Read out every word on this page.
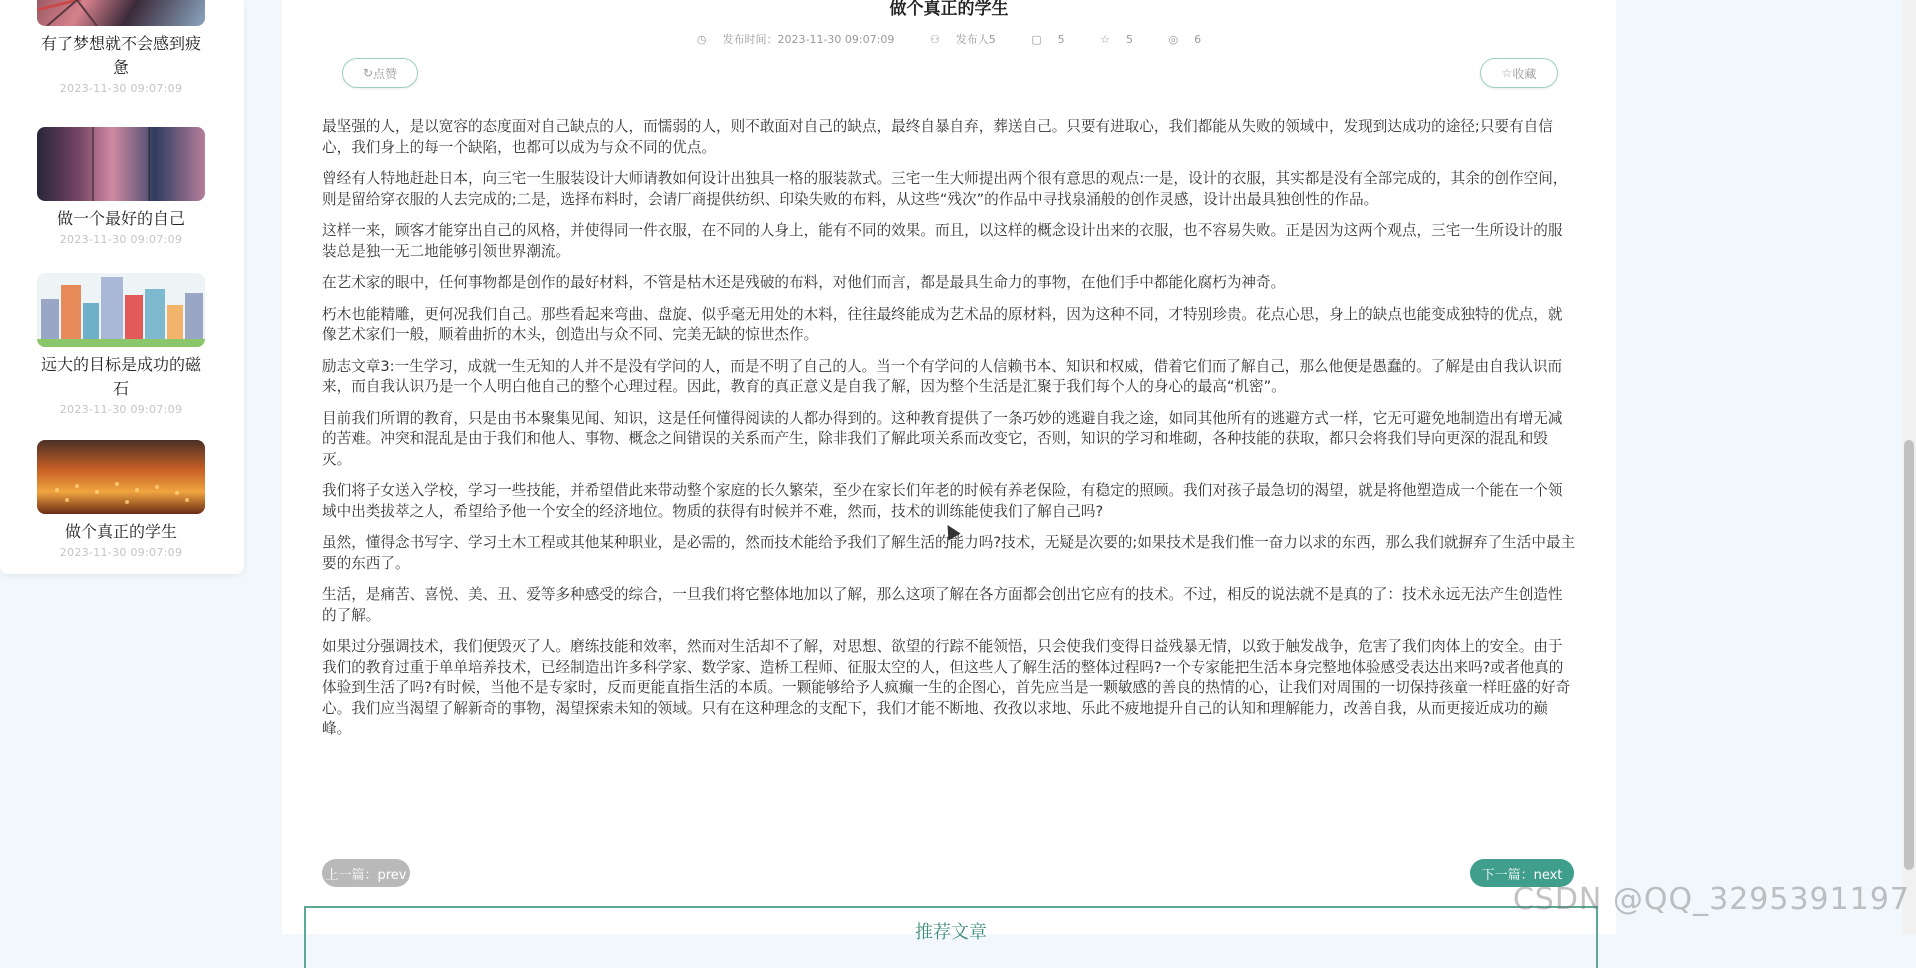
有了梦想就不会感到疲惫
2023-11-30 09:07:09
做一个最好的自己
2023-11-30 09:07:09
远大的目标是成功的磁石
2023-11-30 09:07:09
做个真正的学生
2023-11-30 09:07:09
做个真正的学生
◷ 发布时间：2023-11-30 09:07:09	⚇ 发布人5	▢ 5	☆ 5	◎ 6
↻ 点赞	☆ 收藏

最坚强的人，是以宽容的态度面对自己缺点的人，而懦弱的人，则不敢面对自己的缺点，最终自暴自弃，葬送自己。只要有进取心，我们都能从失败的领域中，发现到达成功的途径;只要有自信心，我们身上的每一个缺陷，也都可以成为与众不同的优点。

曾经有人特地赶赴日本，向三宅一生服装设计大师请教如何设计出独具一格的服装款式。三宅一生大师提出两个很有意思的观点:一是，设计的衣服，其实都是没有全部完成的，其余的创作空间，则是留给穿衣服的人去完成的;二是，选择布料时，会请厂商提供纺织、印染失败的布料，从这些“残次”的作品中寻找泉涌般的创作灵感，设计出最具独创性的作品。

这样一来，顾客才能穿出自己的风格，并使得同一件衣服，在不同的人身上，能有不同的效果。而且，以这样的概念设计出来的衣服，也不容易失败。正是因为这两个观点，三宅一生所设计的服装总是独一无二地能够引领世界潮流。

在艺术家的眼中，任何事物都是创作的最好材料，不管是枯木还是残破的布料，对他们而言，都是最具生命力的事物，在他们手中都能化腐朽为神奇。

朽木也能精雕，更何况我们自己。那些看起来弯曲、盘旋、似乎毫无用处的木料，往往最终能成为艺术品的原材料，因为这种不同，才特别珍贵。花点心思，身上的缺点也能变成独特的优点，就像艺术家们一般，顺着曲折的木头，创造出与众不同、完美无缺的惊世杰作。

励志文章3:一生学习，成就一生无知的人并不是没有学问的人，而是不明了自己的人。当一个有学问的人信赖书本、知识和权威，借着它们而了解自己，那么他便是愚蠢的。了解是由自我认识而来，而自我认识乃是一个人明白他自己的整个心理过程。因此，教育的真正意义是自我了解，因为整个生活是汇聚于我们每个人的身心的最高“机密”。

目前我们所谓的教育，只是由书本聚集见闻、知识，这是任何懂得阅读的人都办得到的。这种教育提供了一条巧妙的逃避自我之途，如同其他所有的逃避方式一样，它无可避免地制造出有增无减的苦难。冲突和混乱是由于我们和他人、事物、概念之间错误的关系而产生，除非我们了解此项关系而改变它，否则，知识的学习和堆砌，各种技能的获取，都只会将我们导向更深的混乱和毁灭。

我们将子女送入学校，学习一些技能，并希望借此来带动整个家庭的长久繁荣，至少在家长们年老的时候有养老保险，有稳定的照顾。我们对孩子最急切的渴望，就是将他塑造成一个能在一个领域中出类拔萃之人，希望给予他一个安全的经济地位。物质的获得有时候并不难，然而，技术的训练能使我们了解自己吗?

虽然，懂得念书写字、学习土木工程或其他某种职业，是必需的，然而技术能给予我们了解生活的能力吗?技术，无疑是次要的;如果技术是我们惟一奋力以求的东西，那么我们就摒弃了生活中最主要的东西了。

生活，是痛苦、喜悦、美、丑、爱等多种感受的综合，一旦我们将它整体地加以了解，那么这项了解在各方面都会创出它应有的技术。不过，相反的说法就不是真的了：技术永远无法产生创造性的了解。

如果过分强调技术，我们便毁灭了人。磨练技能和效率，然而对生活却不了解，对思想、欲望的行踪不能领悟，只会使我们变得日益残暴无情，以致于触发战争，危害了我们肉体上的安全。由于我们的教育过重于单单培养技术，已经制造出许多科学家、数学家、造桥工程师、征服太空的人，但这些人了解生活的整体过程吗?一个专家能把生活本身完整地体验感受表达出来吗?或者他真的体验到生活了吗?有时候，当他不是专家时，反而更能直指生活的本质。一颗能够给予人疯癫一生的企图心，首先应当是一颗敏感的善良的热情的心，让我们对周围的一切保持孩童一样旺盛的好奇心。我们应当渴望了解新奇的事物，渴望探索未知的领域。只有在这种理念的支配下，我们才能不断地、孜孜以求地、乐此不疲地提升自己的认知和理解能力，改善自我，从而更接近成功的巅峰。

上一篇：prev	下一篇：next
推荐文章
CSDN @QQ_3295391197
